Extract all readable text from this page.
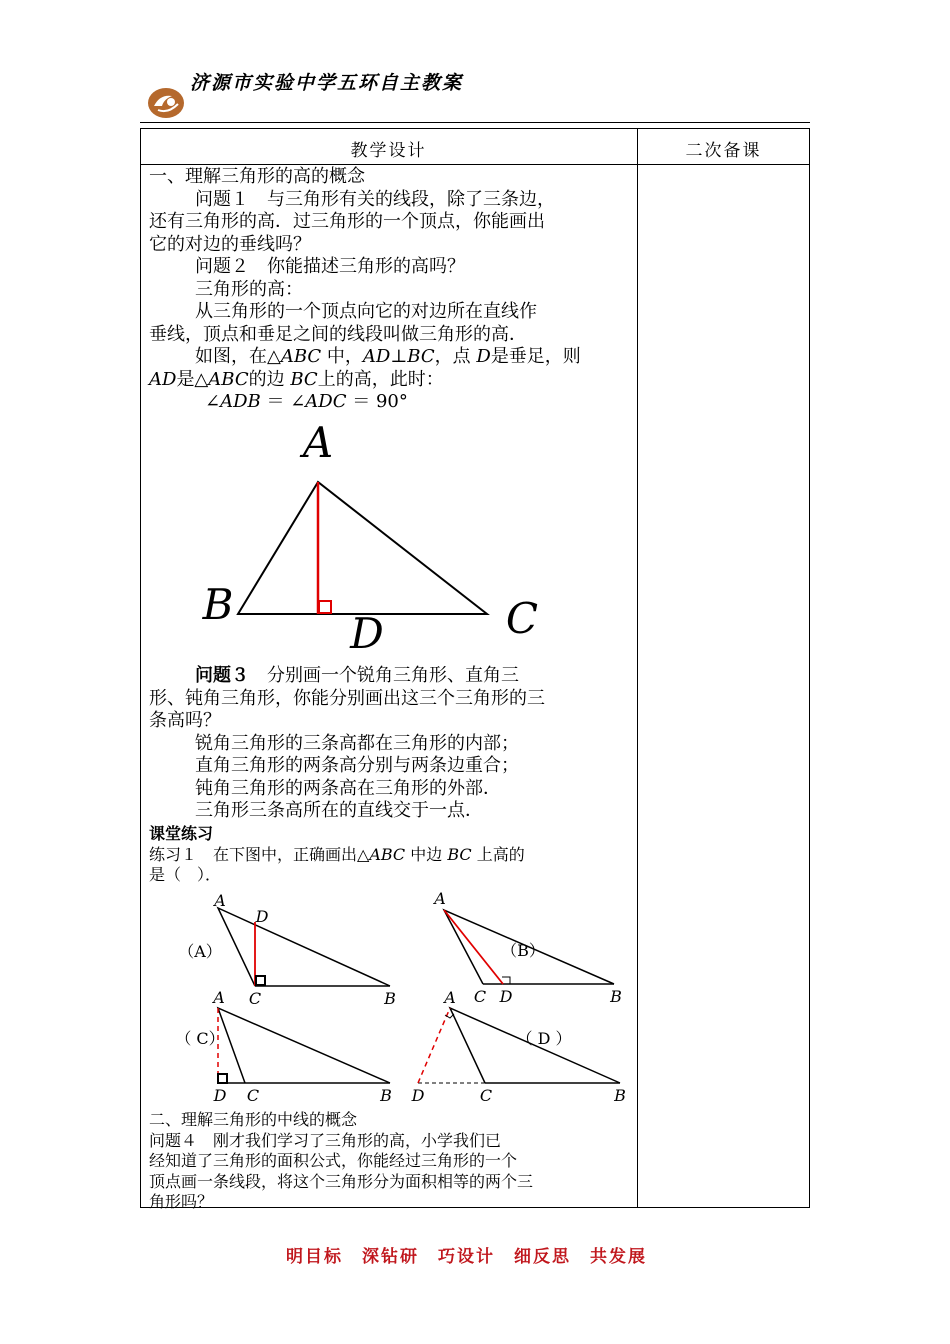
济源市实验中学五环自主教案
教学设计	二次备课
一、理解三角形的高的概念
问题１　 与三角形有关的线段，除了三条边，
还有三角形的高．过三角形的一个顶点，你能画出
它的对边的垂线吗？
问题２　你能描述三角形的高吗？
三角形的高：
从三角形的一个顶点向它的对边所在直线作
垂线，顶点和垂足之间的线段叫做三角形的高．
如图，在△ABC 中，AD⊥BC，点 D是垂足，则
AD是△ABC的边 BC上的高，此时：
∠ADB ＝ ∠ADC ＝ 90°
A
B	C
D
问题３　 分别画一个锐角三角形、直角三
形、钝角三角形，你能分别画出这三个三角形的三
条高吗？
锐角三角形的三条高都在三角形的内部；
直角三角形的两条高分别与两条边重合；
钝角三角形的两条高在三角形的外部．
三角形三条高所在的直线交于一点．
课堂练习
练习１　在下图中，正确画出△ABC 中边 BC 上高的
是（　）．
A
D
C	B
（A）
A
C D	B
（B）
A
D C	B
（ C）
D	C	B
（ D ）
A
二、理解三角形的中线的概念
问题４　刚才我们学习了三角形的高，小学我们已
经知道了三角形的面积公式，你能经过三角形的一个
顶点画一条线段，将这个三角形分为面积相等的两个三
角形吗？
明目标　深钻研　巧设计　细反思　共发展
